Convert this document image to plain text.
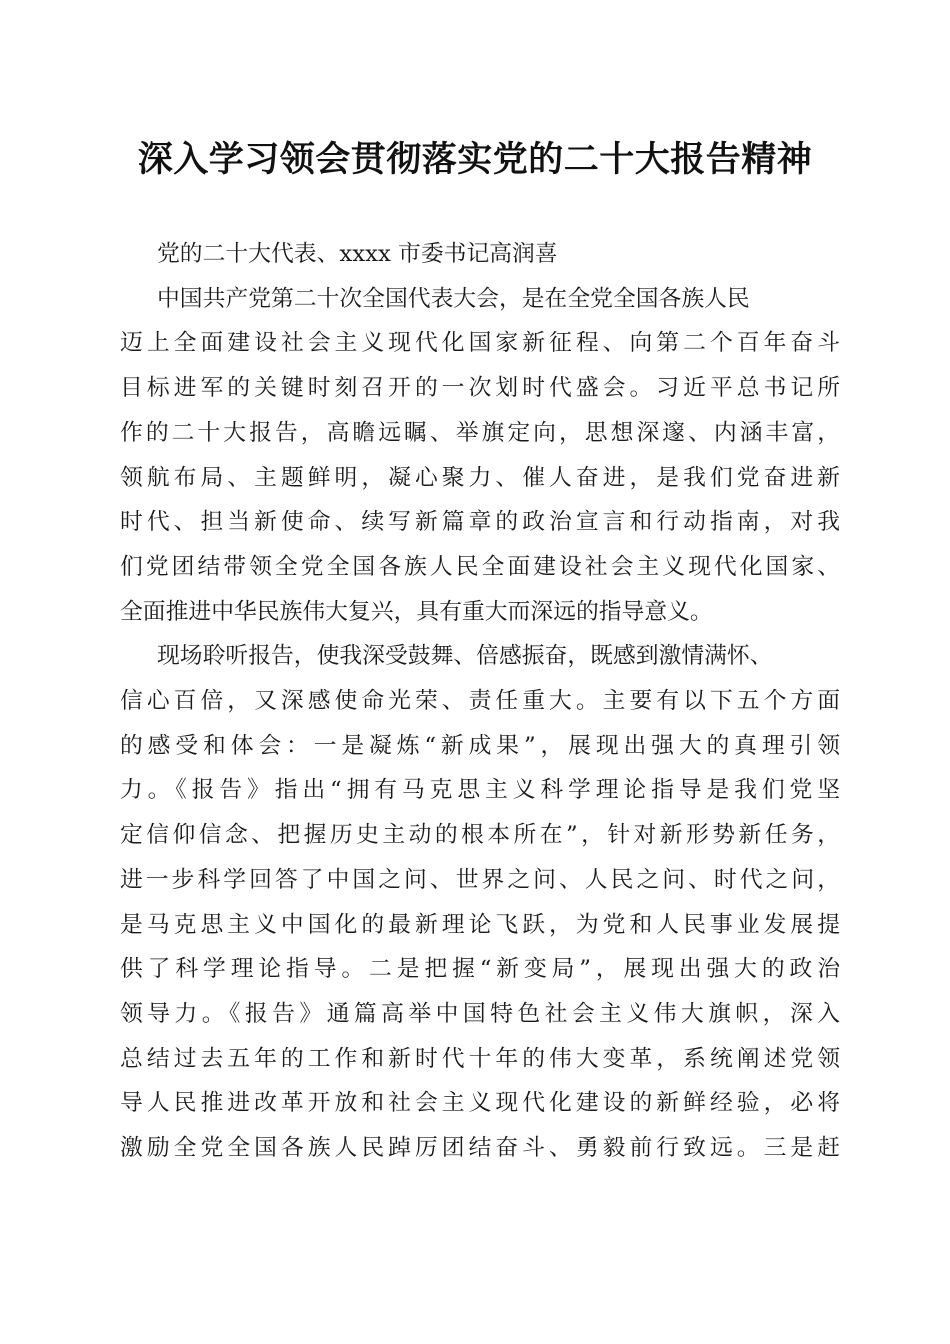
深入学习领会贯彻落实党的二十大报告精神
党的二十大代表、xxxx 市委书记高润喜
中国共产党第二十次全国代表大会，是在全党全国各族人民
迈上全面建设社会主义现代化国家新征程、向第二个百年奋斗
目标进军的关键时刻召开的一次划时代盛会。习近平总书记所
作的二十大报告，高瞻远瞩、举旗定向，思想深邃、内涵丰富，
领航布局、主题鲜明，凝心聚力、催人奋进，是我们党奋进新
时代、担当新使命、续写新篇章的政治宣言和行动指南，对我
们党团结带领全党全国各族人民全面建设社会主义现代化国家、
全面推进中华民族伟大复兴，具有重大而深远的指导意义。
现场聆听报告，使我深受鼓舞、倍感振奋，既感到激情满怀、
信心百倍，又深感使命光荣、责任重大。主要有以下五个方面
的感受和体会：一是凝炼“新成果”，展现出强大的真理引领
力。《报告》指出“拥有马克思主义科学理论指导是我们党坚
定信仰信念、把握历史主动的根本所在”，针对新形势新任务，
进一步科学回答了中国之问、世界之问、人民之问、时代之问，
是马克思主义中国化的最新理论飞跃，为党和人民事业发展提
供了科学理论指导。二是把握“新变局”，展现出强大的政治
领导力。《报告》通篇高举中国特色社会主义伟大旗帜，深入
总结过去五年的工作和新时代十年的伟大变革，系统阐述党领
导人民推进改革开放和社会主义现代化建设的新鲜经验，必将
激励全党全国各族人民踔厉团结奋斗、勇毅前行致远。三是赶
